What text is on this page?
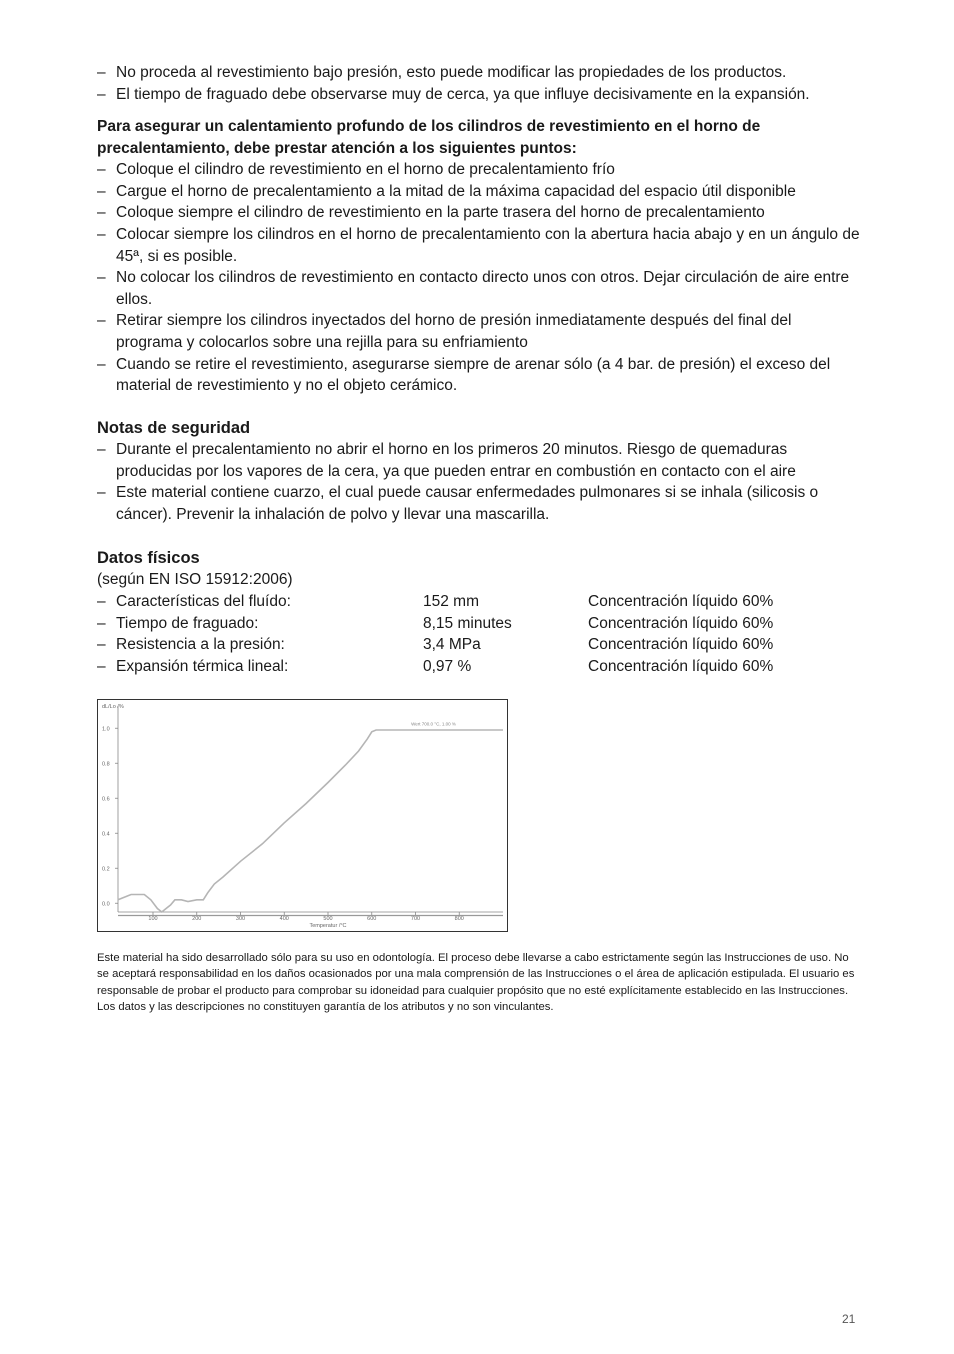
– No proceda al revestimiento bajo presión, esto puede modificar las propiedades de los productos.
– El tiempo de fraguado debe observarse muy de cerca, ya que influye decisivamente en la expansión.

Para asegurar un calentamiento profundo de los cilindros de revestimiento en el horno de precalentamiento, debe prestar atención a los siguientes puntos:

– Coloque el cilindro de revestimiento en el horno de precalentamiento frío
– Cargue el horno de precalentamiento a la mitad de la máxima capacidad del espacio útil disponible
– Coloque siempre el cilindro de revestimiento en la parte trasera del horno de precalentamiento
– Colocar siempre los cilindros en el horno de precalentamiento con la abertura hacia abajo y en un ángulo de 45ª, si es posible.
– No colocar los cilindros de revestimiento en contacto directo unos con otros. Dejar circulación de aire entre ellos.
– Retirar siempre los cilindros inyectados del horno de presión inmediatamente después del final del programa y colocarlos sobre una rejilla para su enfriamiento
– Cuando se retire el revestimiento, asegurarse siempre de arenar sólo (a 4 bar. de presión) el exceso del material de revestimiento y no el objeto cerámico.
Notas de seguridad
– Durante el precalentamiento no abrir el horno en los primeros 20 minutos. Riesgo de quemaduras producidas por los vapores de la cera, ya que pueden entrar en combustión en contacto con el aire
– Este material contiene cuarzo, el cual puede causar enfermedades pulmonares si se inhala (silicosis o cáncer). Prevenir la inhalación de polvo y llevar una mascarilla.
Datos físicos
(según EN ISO 15912:2006)
– Características del fluído:	152 mm	Concentración líquido 60%
– Tiempo de fraguado:	8,15 minutes	Concentración líquido 60%
– Resistencia a la presión:	3,4 MPa	Concentración líquido 60%
– Expansión térmica lineal:	0,97 %	Concentración líquido 60%
0.0
0.2
0.4
0.6
0.8
1.0
100	200	300	400	500	600	700	800
dL/Lo /%
Temperatur /°C
Wert 700.0 °C, 1.00 %
Este material ha sido desarrollado sólo para su uso en odontología. El proceso debe llevarse a cabo estrictamente según las Instrucciones de uso. No se aceptará responsabilidad en los daños ocasionados por una mala comprensión de las Instrucciones o el área de aplicación estipulada. El usuario es responsable de probar el producto para comprobar su idoneidad para cualquier propósito que no esté explícitamente establecido en las Instrucciones. Los datos y las descripciones no constituyen garantía de los atributos y no son vinculantes.
21
